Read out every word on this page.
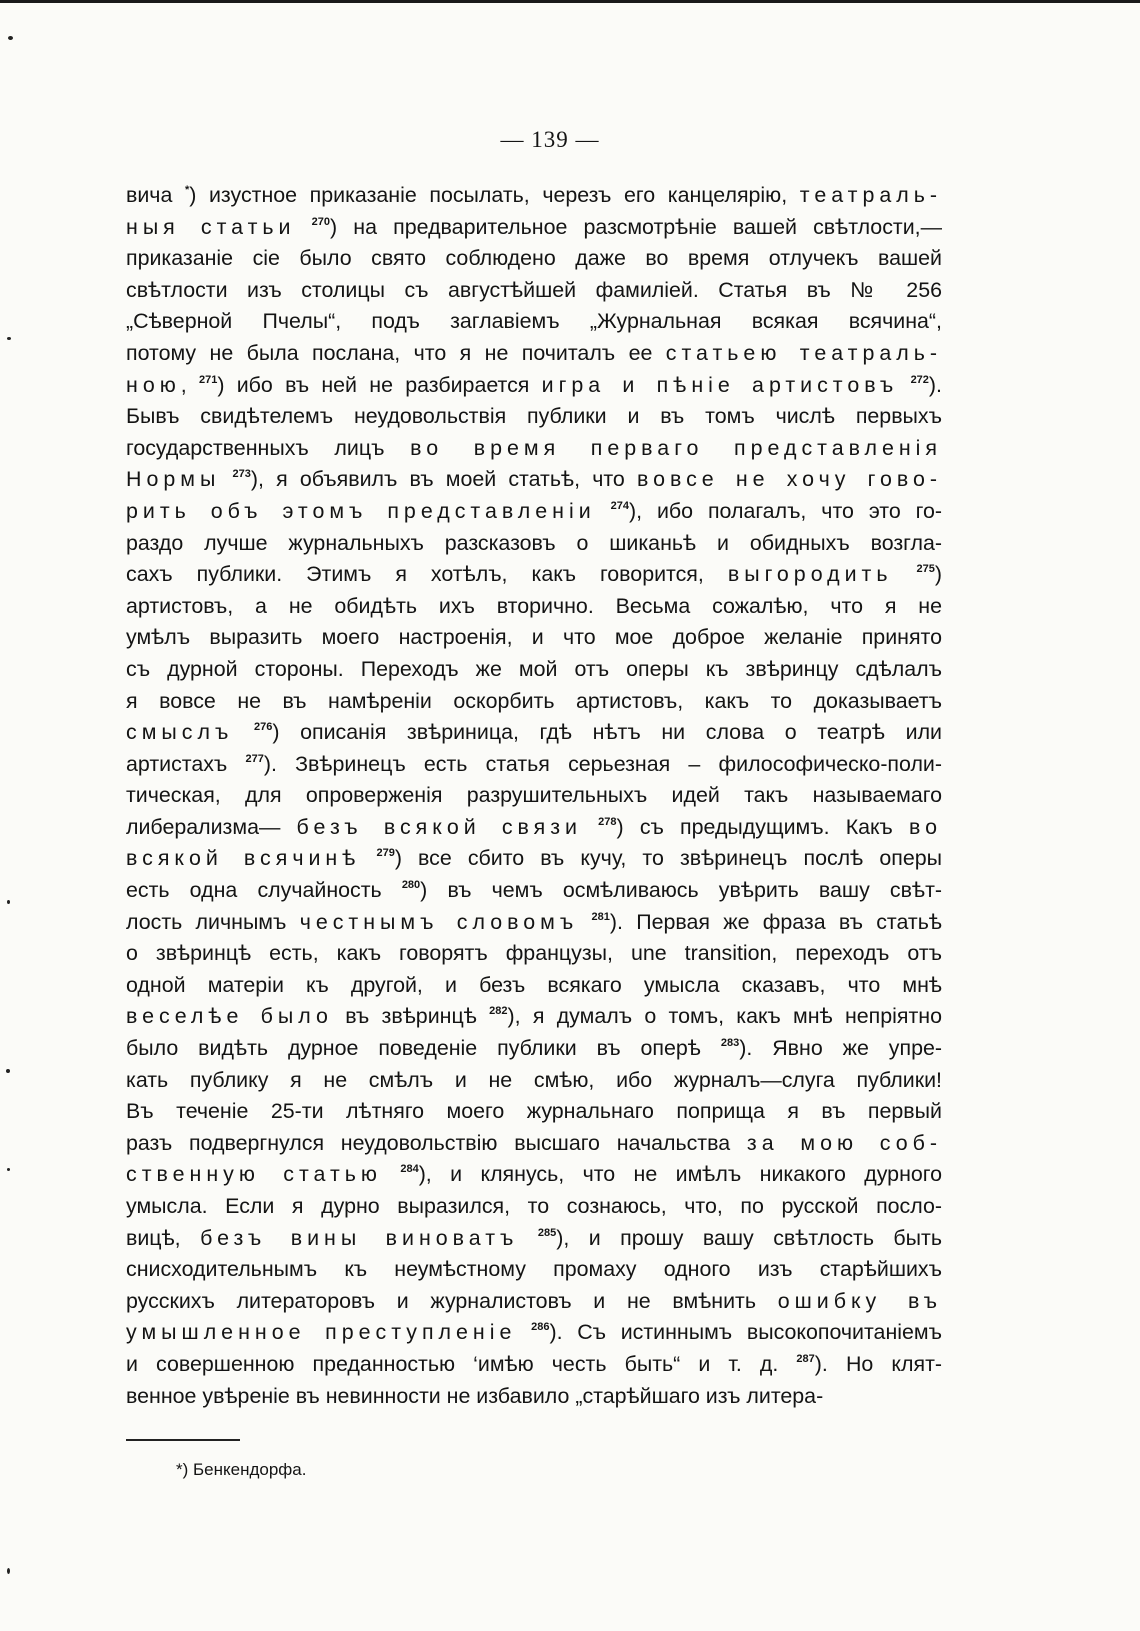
— 139 —
вича *) изустное приказаніе посылать, черезъ его канцелярію, театраль-
ныя статьи $^{270}$) на предварительное разсмотрѣніе вашей свѣтлости,—
приказаніе сіе было свято соблюдено даже во время отлучекъ вашей
свѣтлости изъ столицы съ августѣйшей фамиліей. Статья въ № 256
„Сѣверной Пчелы“, подъ заглавіемъ „Журнальная всякая всячина“,
потому не была послана, что я не почиталъ ее статьею театраль-
ною, $^{271}$) ибо въ ней не разбирается игра и пѣніе артистовъ $^{272}$).
Бывъ свидѣтелемъ неудовольствія публики и въ томъ числѣ первыхъ
государственныхъ лицъ во время перваго представленія
Нормы $^{273}$), я объявилъ въ моей статьѣ, что вовсе не хочу гово-
рить объ этомъ представленіи $^{274}$), ибо полагалъ, что это го-
раздо лучше журнальныхъ разсказовъ о шиканьѣ и обидныхъ возгла-
сахъ публики. Этимъ я хотѣлъ, какъ говорится, выгородить $^{275}$)
артистовъ, а не обидѣть ихъ вторично. Весьма сожалѣю, что я не
умѣлъ выразить моего настроенія, и что мое доброе желаніе принято
съ дурной стороны. Переходъ же мой отъ оперы къ звѣринцу сдѣлалъ
я вовсе не въ намѣреніи оскорбить артистовъ, какъ то доказываетъ
смыслъ $^{276}$) описанія звѣриница, гдѣ нѣтъ ни слова о театрѣ или
артистахъ $^{277}$). Звѣринецъ есть статья серьезная – философическо-поли-
тическая, для опроверженія разрушительныхъ идей такъ называемаго
либерализма— безъ всякой связи $^{278}$) съ предыдущимъ. Какъ во
всякой всячинѣ $^{279}$) все сбито въ кучу, то звѣринецъ послѣ оперы
есть одна случайность $^{280}$) въ чемъ осмѣливаюсь увѣрить вашу свѣт-
лость личнымъ честнымъ словомъ $^{281}$). Первая же фраза въ статьѣ
о звѣринцѣ есть, какъ говорятъ французы, une transition, переходъ отъ
одной матеріи къ другой, и безъ всякаго умысла сказавъ, что мнѣ
веселѣе было въ звѣринцѣ $^{282}$), я думалъ о томъ, какъ мнѣ непріятно
было видѣть дурное поведеніе публики въ оперѣ $^{283}$). Явно же упре-
кать публику я не смѣлъ и не смѣю, ибо журналъ—слуга публики!
Въ теченіе 25-ти лѣтняго моего журнальнаго поприща я въ первый
разъ подвергнулся неудовольствію высшаго начальства за мою соб-
ственную статью $^{284}$), и клянусь, что не имѣлъ никакого дурного
умысла. Если я дурно выразился, то сознаюсь, что, по русской посло-
вицѣ, безъ вины виноватъ $^{285}$), и прошу вашу свѣтлость быть
снисходительнымъ къ неумѣстному промаху одного изъ старѣйшихъ
русскихъ литераторовъ и журналистовъ и не вмѣнить ошибку въ
умышленное преступленіе $^{286}$). Съ истиннымъ высокопочитаніемъ
и совершенною преданностью ‘имѣю честь быть“ и т. д. $^{287}$). Но клят-
венное увѣреніе въ невинности не избавило „старѣйшаго изъ литера-
*) Бенкендорфа.
